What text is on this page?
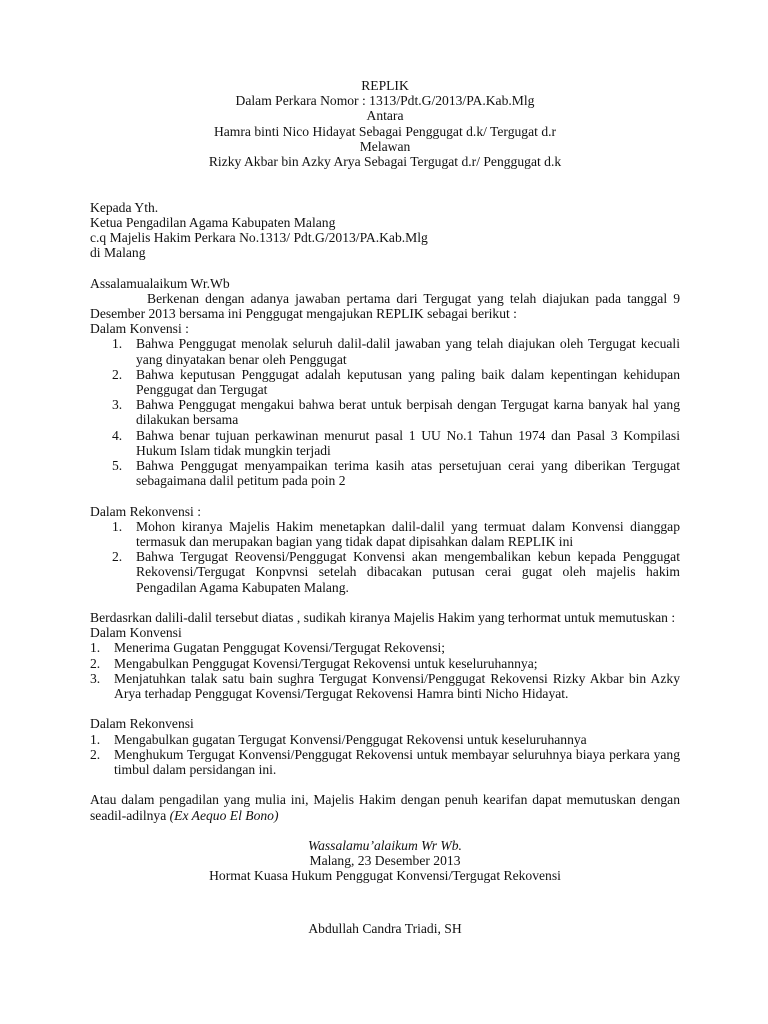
REPLIK
Dalam Perkara Nomor : 1313/Pdt.G/2013/PA.Kab.Mlg
Antara
Hamra binti Nico Hidayat Sebagai Penggugat d.k/ Tergugat d.r
Melawan
Rizky Akbar bin Azky Arya Sebagai Tergugat d.r/ Penggugat d.k
Kepada Yth.
Ketua Pengadilan Agama Kabupaten Malang
c.q Majelis Hakim Perkara No.1313/ Pdt.G/2013/PA.Kab.Mlg
di Malang
Assalamualaikum Wr.Wb
Berkenan dengan adanya jawaban pertama dari Tergugat yang telah diajukan pada tanggal 9 Desember 2013 bersama ini Penggugat mengajukan REPLIK sebagai berikut :
Dalam Konvensi :
1. Bahwa Penggugat menolak seluruh dalil-dalil jawaban yang telah diajukan oleh Tergugat kecuali yang dinyatakan benar oleh Penggugat
2. Bahwa keputusan Penggugat adalah keputusan yang paling baik dalam kepentingan kehidupan Penggugat dan Tergugat
3. Bahwa Penggugat mengakui bahwa berat untuk berpisah dengan Tergugat karna banyak hal yang dilakukan bersama
4. Bahwa benar tujuan perkawinan menurut pasal 1 UU No.1 Tahun 1974 dan Pasal 3 Kompilasi Hukum Islam tidak mungkin terjadi
5. Bahwa Penggugat menyampaikan terima kasih atas persetujuan cerai yang diberikan Tergugat sebagaimana dalil petitum pada poin 2
Dalam Rekonvensi :
1. Mohon kiranya Majelis Hakim menetapkan dalil-dalil yang termuat dalam Konvensi dianggap termasuk dan merupakan bagian yang tidak dapat dipisahkan dalam REPLIK ini
2. Bahwa Tergugat Reovensi/Penggugat Konvensi akan mengembalikan kebun kepada Penggugat Rekovensi/Tergugat Konpvnsi setelah dibacakan putusan cerai gugat oleh majelis hakim Pengadilan Agama Kabupaten Malang.
Berdasrkan dalili-dalil tersebut diatas , sudikah kiranya Majelis Hakim yang terhormat untuk memutuskan :
Dalam Konvensi
1. Menerima Gugatan Penggugat Kovensi/Tergugat Rekovensi;
2. Mengabulkan Penggugat Kovensi/Tergugat Rekovensi untuk keseluruhannya;
3. Menjatuhkan talak satu bain sughra Tergugat Konvensi/Penggugat Rekovensi Rizky Akbar bin Azky Arya terhadap Penggugat Kovensi/Tergugat Rekovensi Hamra binti Nicho Hidayat.
Dalam Rekonvensi
1. Mengabulkan gugatan Tergugat Konvensi/Penggugat Rekovensi untuk keseluruhannya
2. Menghukum Tergugat Konvensi/Penggugat Rekovensi untuk membayar seluruhnya biaya perkara yang timbul dalam persidangan ini.
Atau dalam pengadilan yang mulia ini, Majelis Hakim dengan penuh kearifan dapat memutuskan dengan seadil-adilnya (Ex Aequo El Bono)
Wassalamu’alaikum Wr Wb.
Malang, 23 Desember 2013
Hormat Kuasa Hukum Penggugat Konvensi/Tergugat Rekovensi
Abdullah Candra Triadi, SH
